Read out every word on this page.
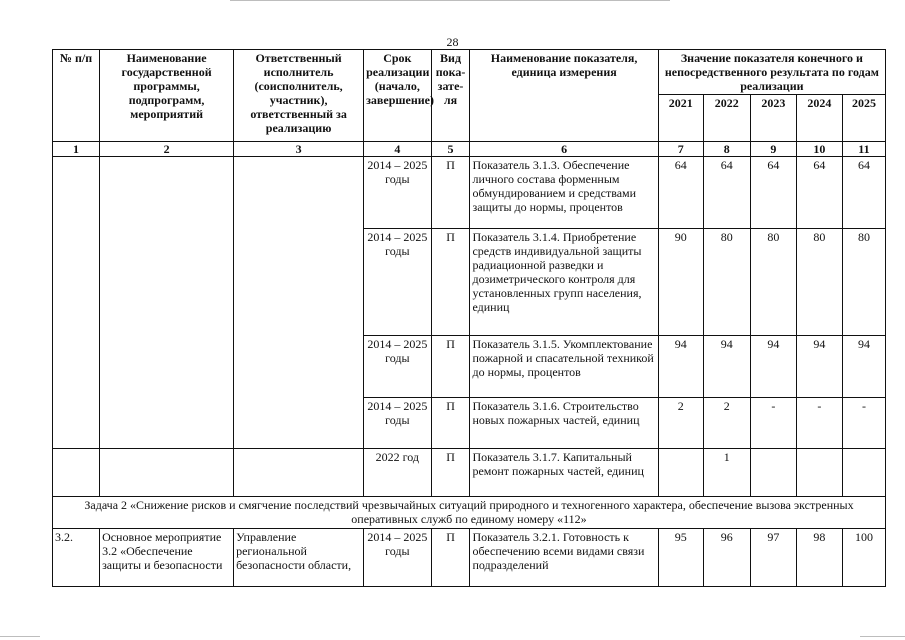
28
№ п/п	Наименование государственной программы, подпрограмм, мероприятий	Ответственный исполнитель (соисполнитель, участник), ответственный за реализацию	Срок реализации (начало, завершение)	Вид пока-зате-ля	Наименование показателя, единица измерения	Значение показателя конечного и непосредственного результата по годам реализации				
						2021	2022	2023	2024	2025
1	2	3	4	5	6	7	8	9	10	11
			2014 – 2025 годы	П	Показатель 3.1.3. Обеспечение личного состава форменным обмундированием и средствами защиты до нормы, процентов	64	64	64	64	64
			2014 – 2025 годы	П	Показатель 3.1.4. Приобретение средств индивидуальной защиты радиационной разведки и дозиметрического контроля для установленных групп населения, единиц	90	80	80	80	80
			2014 – 2025 годы	П	Показатель 3.1.5. Укомплектование пожарной и спасательной техникой до нормы, процентов	94	94	94	94	94
			2014 – 2025 годы	П	Показатель 3.1.6. Строительство новых пожарных частей, единиц	2	2	-	-	-
			2022 год	П	Показатель 3.1.7. Капитальный ремонт пожарных частей, единиц		1			
Задача 2 «Снижение рисков и смягчение последствий чрезвычайных ситуаций природного и техногенного характера, обеспечение вызова экстренных оперативных служб по единому номеру «112»										
3.2.	Основное мероприятие 3.2 «Обеспечение защиты и безопасности	Управление региональной безопасности области,	2014 – 2025 годы	П	Показатель 3.2.1. Готовность к обеспечению всеми видами связи подразделений	95	96	97	98	100
